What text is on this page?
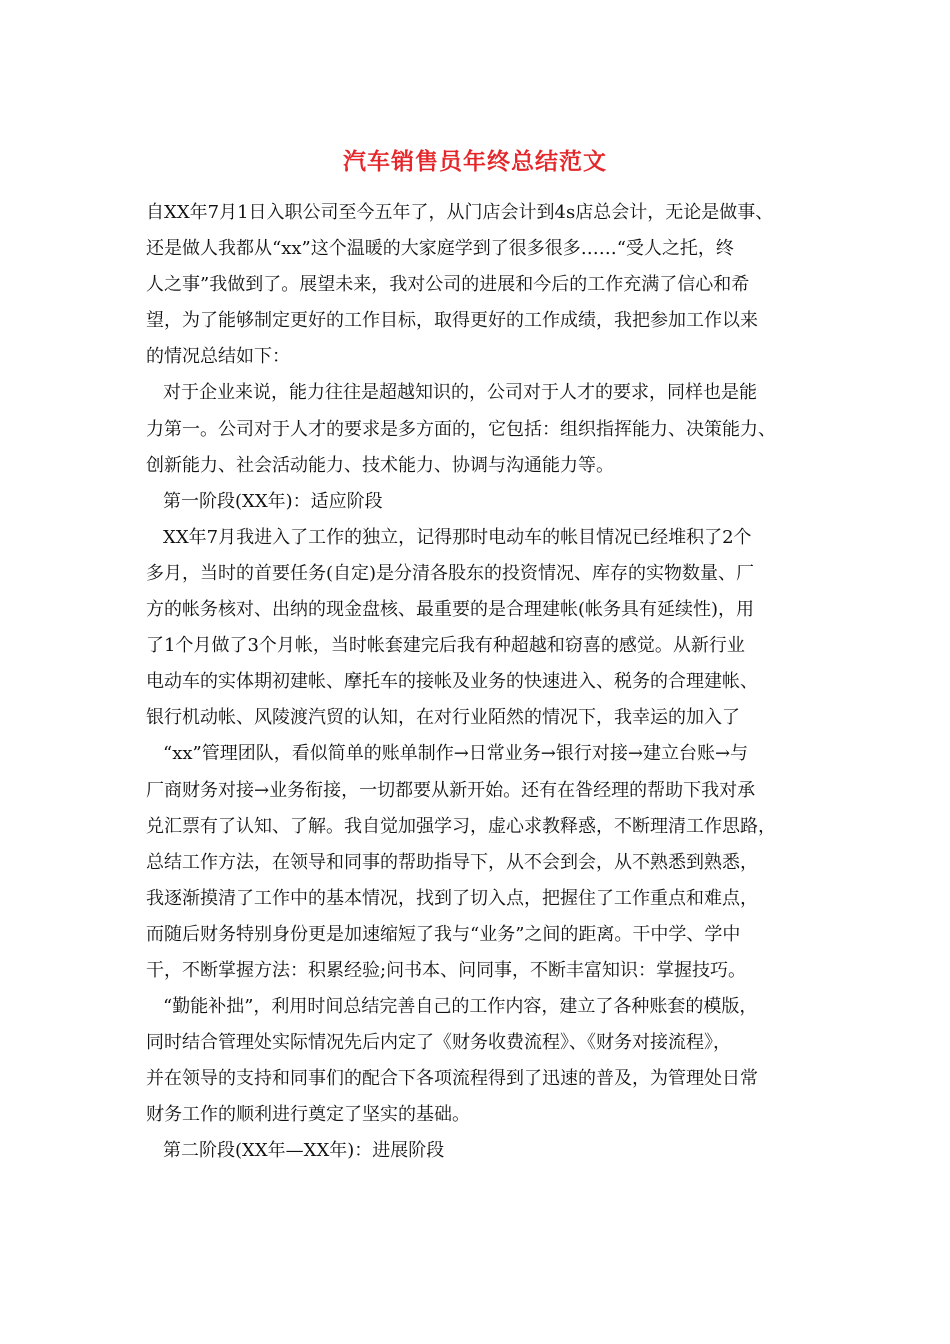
汽车销售员年终总结范文
自XX年7月1日入职公司至今五年了，从门店会计到4s店总会计，无论是做事、
还是做人我都从“xx”这个温暖的大家庭学到了很多很多……“受人之托，终
人之事”我做到了。展望未来，我对公司的进展和今后的工作充满了信心和希
望，为了能够制定更好的工作目标，取得更好的工作成绩，我把参加工作以来
的情况总结如下：
对于企业来说，能力往往是超越知识的，公司对于人才的要求，同样也是能
力第一。公司对于人才的要求是多方面的，它包括：组织指挥能力、决策能力、
创新能力、社会活动能力、技术能力、协调与沟通能力等。
第一阶段(XX年)：适应阶段
XX年7月我进入了工作的独立，记得那时电动车的帐目情况已经堆积了2个
多月，当时的首要任务(自定)是分清各股东的投资情况、库存的实物数量、厂
方的帐务核对、出纳的现金盘核、最重要的是合理建帐(帐务具有延续性)，用
了1个月做了3个月帐，当时帐套建完后我有种超越和窃喜的感觉。从新行业
电动车的实体期初建帐、摩托车的接帐及业务的快速进入、税务的合理建帐、
银行机动帐、风陵渡汽贸的认知，在对行业陌然的情况下，我幸运的加入了
“xx”管理团队，看似简单的账单制作→日常业务→银行对接→建立台账→与
厂商财务对接→业务衔接，一切都要从新开始。还有在昝经理的帮助下我对承
兑汇票有了认知、了解。我自觉加强学习，虚心求教释惑，不断理清工作思路，
总结工作方法，在领导和同事的帮助指导下，从不会到会，从不熟悉到熟悉，
我逐渐摸清了工作中的基本情况，找到了切入点，把握住了工作重点和难点，
而随后财务特别身份更是加速缩短了我与“业务”之间的距离。干中学、学中
干，不断掌握方法：积累经验;问书本、问同事，不断丰富知识：掌握技巧。
“勤能补拙”，利用时间总结完善自己的工作内容，建立了各种账套的模版，
同时结合管理处实际情况先后内定了《财务收费流程》、《财务对接流程》，
并在领导的支持和同事们的配合下各项流程得到了迅速的普及，为管理处日常
财务工作的顺利进行奠定了坚实的基础。
第二阶段(XX年—XX年)：进展阶段
